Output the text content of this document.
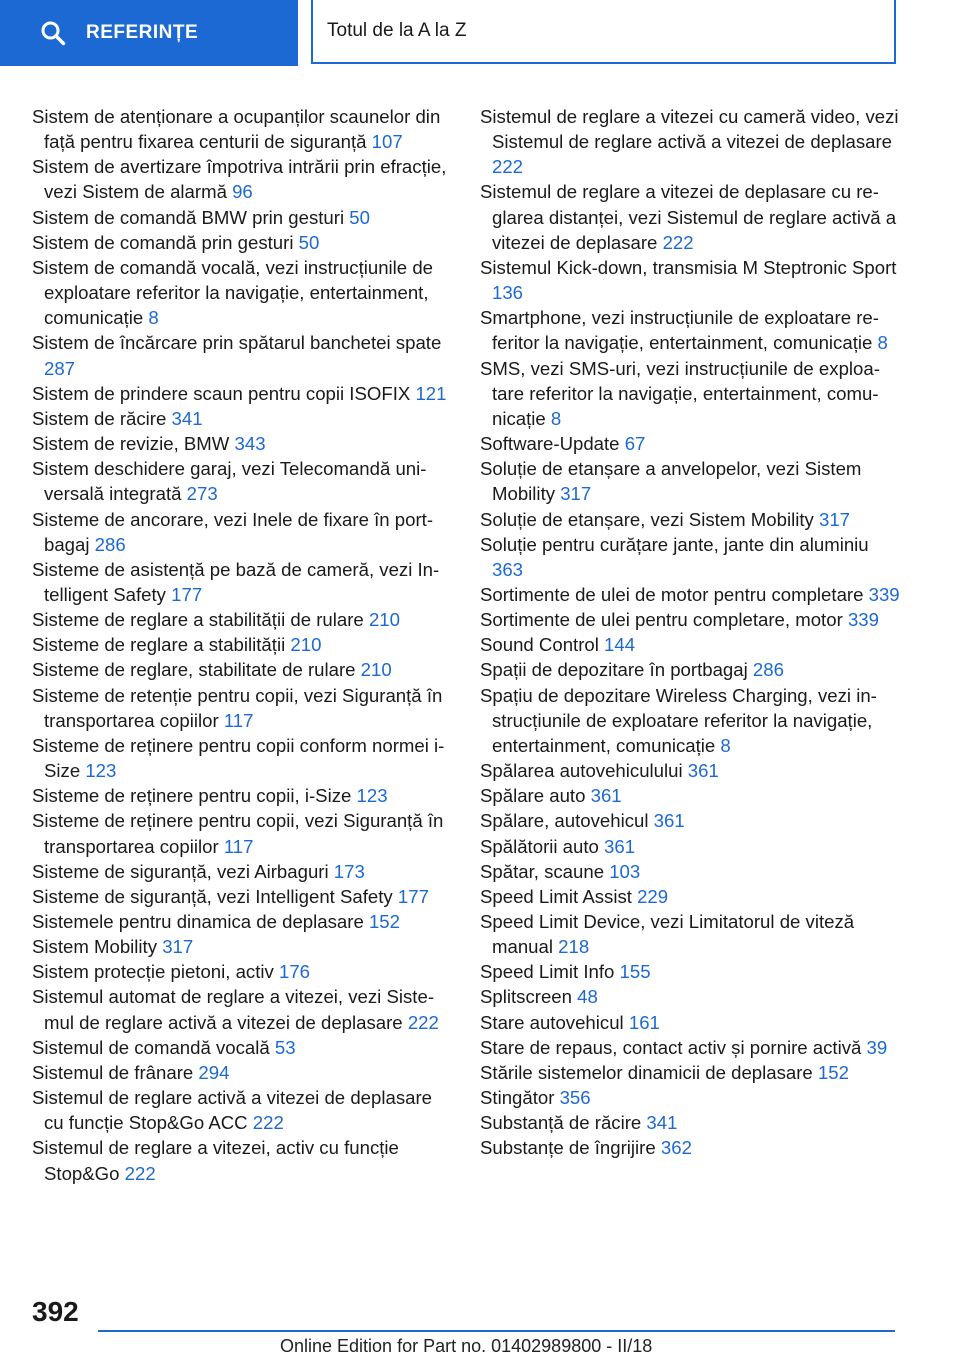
REFERINȚE	Totul de la A la Z
Sistem de atenționare a ocupanților scaunelor din față pentru fixarea centurii de siguranță 107
Sistem de avertizare împotriva intrării prin efracție, vezi Sistem de alarmă 96
Sistem de comandă BMW prin gesturi 50
Sistem de comandă prin gesturi 50
Sistem de comandă vocală, vezi instrucțiunile de exploatare referitor la navigație, entertainment, comunicație 8
Sistem de încărcare prin spătarul banchetei spate 287
Sistem de prindere scaun pentru copii ISOFIX 121
Sistem de răcire 341
Sistem de revizie, BMW 343
Sistem deschidere garaj, vezi Telecomandă universală integrată 273
Sisteme de ancorare, vezi Inele de fixare în portbagaj 286
Sisteme de asistență pe bază de cameră, vezi Intelligent Safety 177
Sisteme de reglare a stabilității de rulare 210
Sisteme de reglare a stabilității 210
Sisteme de reglare, stabilitate de rulare 210
Sisteme de retenție pentru copii, vezi Siguranță în transportarea copiilor 117
Sisteme de reținere pentru copii conform normei i-Size 123
Sisteme de reținere pentru copii, i-Size 123
Sisteme de reținere pentru copii, vezi Siguranță în transportarea copiilor 117
Sisteme de siguranță, vezi Airbaguri 173
Sisteme de siguranță, vezi Intelligent Safety 177
Sistemele pentru dinamica de deplasare 152
Sistem Mobility 317
Sistem protecție pietoni, activ 176
Sistemul automat de reglare a vitezei, vezi Sistemul de reglare activă a vitezei de deplasare 222
Sistemul de comandă vocală 53
Sistemul de frânare 294
Sistemul de reglare activă a vitezei de deplasare cu funcție Stop&Go ACC 222
Sistemul de reglare a vitezei, activ cu funcție Stop&Go 222
Sistemul de reglare a vitezei cu cameră video, vezi Sistemul de reglare activă a vitezei de deplasare 222
Sistemul de reglare a vitezei de deplasare cu reglarea distanței, vezi Sistemul de reglare activă a vitezei de deplasare 222
Sistemul Kick-down, transmisia M Steptronic Sport 136
Smartphone, vezi instrucțiunile de exploatare referitor la navigație, entertainment, comunicație 8
SMS, vezi SMS-uri, vezi instrucțiunile de exploatare referitor la navigație, entertainment, comunicație 8
Software-Update 67
Soluție de etanșare a anvelopelor, vezi Sistem Mobility 317
Soluție de etanșare, vezi Sistem Mobility 317
Soluție pentru curățare jante, jante din aluminiu 363
Sortimente de ulei de motor pentru completare 339
Sortimente de ulei pentru completare, motor 339
Sound Control 144
Spații de depozitare în portbagaj 286
Spațiu de depozitare Wireless Charging, vezi instrucțiunile de exploatare referitor la navigație, entertainment, comunicație 8
Spălarea autovehiculului 361
Spălare auto 361
Spălare, autovehicul 361
Spălătorii auto 361
Spătar, scaune 103
Speed Limit Assist 229
Speed Limit Device, vezi Limitatorul de viteză manual 218
Speed Limit Info 155
Splitscreen 48
Stare autovehicul 161
Stare de repaus, contact activ și pornire activă 39
Stările sistemelor dinamicii de deplasare 152
Stingător 356
Substanță de răcire 341
Substanțe de îngrijire 362
392
Online Edition for Part no. 01402989800 - II/18
